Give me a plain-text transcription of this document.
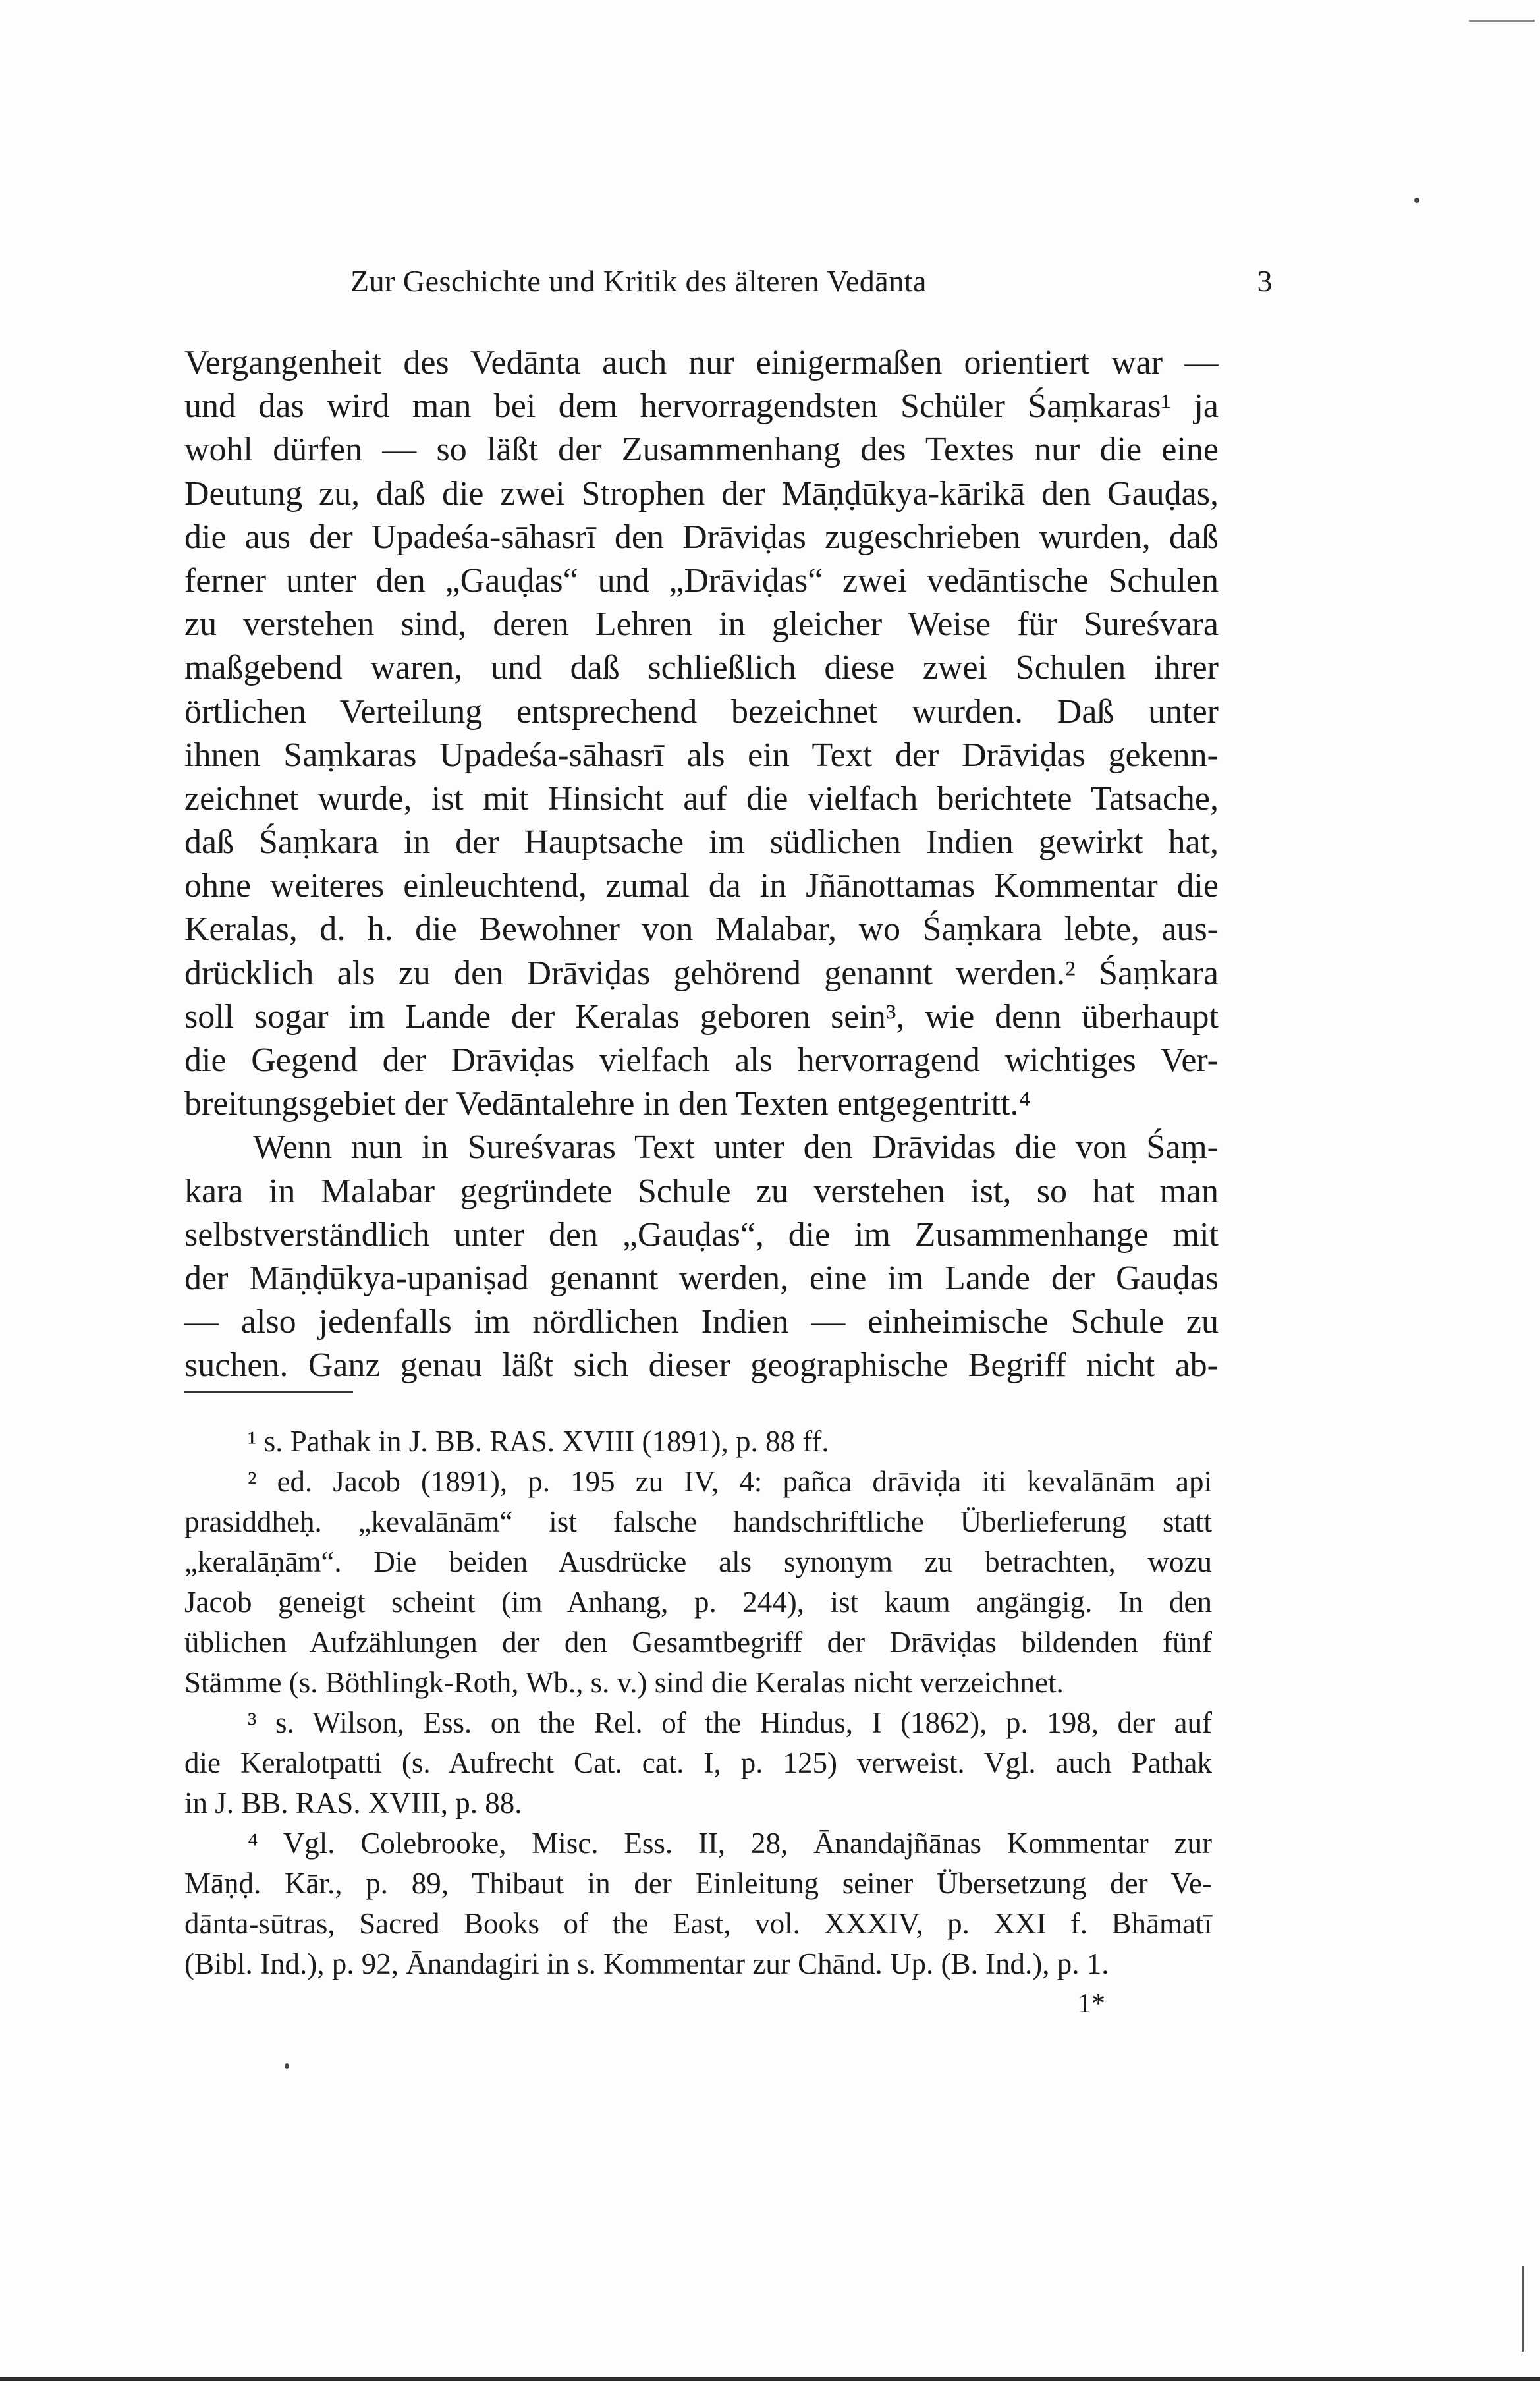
Zur Geschichte und Kritik des älteren Vedānta	3
Vergangenheit des Vedānta auch nur einigermaßen orientiert war —
und das wird man bei dem hervorragendsten Schüler Śaṃkaras¹ ja
wohl dürfen — so läßt der Zusammenhang des Textes nur die eine
Deutung zu, daß die zwei Strophen der Māṇḍūkya-kārikā den Gauḍas,
die aus der Upadeśa-sāhasrī den Drāviḍas zugeschrieben wurden, daß
ferner unter den „Gauḍas“ und „Drāviḍas“ zwei vedāntische Schulen
zu verstehen sind, deren Lehren in gleicher Weise für Sureśvara
maßgebend waren, und daß schließlich diese zwei Schulen ihrer
örtlichen Verteilung entsprechend bezeichnet wurden. Daß unter
ihnen Saṃkaras Upadeśa-sāhasrī als ein Text der Drāviḍas gekenn-
zeichnet wurde, ist mit Hinsicht auf die vielfach berichtete Tatsache,
daß Śaṃkara in der Hauptsache im südlichen Indien gewirkt hat,
ohne weiteres einleuchtend, zumal da in Jñānottamas Kommentar die
Keralas, d. h. die Bewohner von Malabar, wo Śaṃkara lebte, aus-
drücklich als zu den Drāviḍas gehörend genannt werden.² Śaṃkara
soll sogar im Lande der Keralas geboren sein³, wie denn überhaupt
die Gegend der Drāviḍas vielfach als hervorragend wichtiges Ver-
breitungsgebiet der Vedāntalehre in den Texten entgegentritt.⁴
Wenn nun in Sureśvaras Text unter den Drāvidas die von Śaṃ-
kara in Malabar gegründete Schule zu verstehen ist, so hat man
selbstverständlich unter den „Gauḍas“, die im Zusammenhange mit
der Māṇḍūkya-upaniṣad genannt werden, eine im Lande der Gauḍas
— also jedenfalls im nördlichen Indien — einheimische Schule zu
suchen. Ganz genau läßt sich dieser geographische Begriff nicht ab-
¹ s. Pathak in J. BB. RAS. XVIII (1891), p. 88 ff.
² ed. Jacob (1891), p. 195 zu IV, 4: pañca drāviḍa iti kevalānām api
prasiddheḥ. „kevalānām“ ist falsche handschriftliche Überlieferung statt
„keralāṇām“. Die beiden Ausdrücke als synonym zu betrachten, wozu
Jacob geneigt scheint (im Anhang, p. 244), ist kaum angängig. In den
üblichen Aufzählungen der den Gesamtbegriff der Drāviḍas bildenden fünf
Stämme (s. Böthlingk-Roth, Wb., s. v.) sind die Keralas nicht verzeichnet.
³ s. Wilson, Ess. on the Rel. of the Hindus, I (1862), p. 198, der auf
die Keralotpatti (s. Aufrecht Cat. cat. I, p. 125) verweist. Vgl. auch Pathak
in J. BB. RAS. XVIII, p. 88.
⁴ Vgl. Colebrooke, Misc. Ess. II, 28, Ānandajñānas Kommentar zur
Māṇḍ. Kār., p. 89, Thibaut in der Einleitung seiner Übersetzung der Ve-
dānta-sūtras, Sacred Books of the East, vol. XXXIV, p. XXI f. Bhāmatī
(Bibl. Ind.), p. 92, Ānandagiri in s. Kommentar zur Chānd. Up. (B. Ind.), p. 1.
1*
